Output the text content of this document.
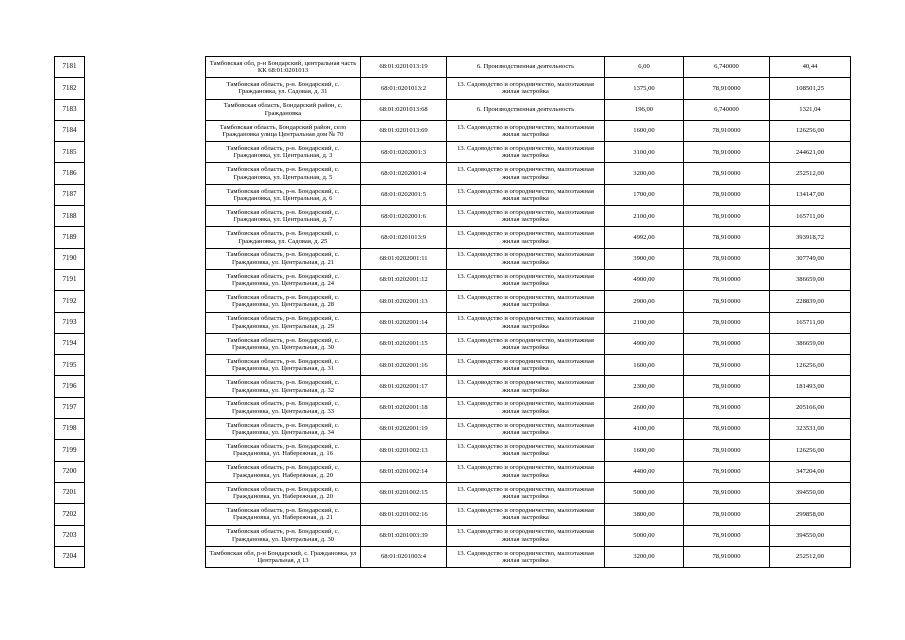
7181		Тамбовская обл, р-н Бондарский, центральная часть КК 68:01:0201013	68:01:0201013:19	6. Производственная деятельность	6,00	6,740000	40,44
7182		Тамбовская область, р-н. Бондарский, с. Граждановка, ул. Садовая, д. 31	68:01:0201013:2	13. Садоводство и огородничество, малоэтажная жилая застройка	1375,00	78,910000	108501,25
7183		Тамбовская область, Бондарский район, с. Граждановка	68:01:0201013:68	6. Производственная деятельность	196,00	6,740000	1321,04
7184		Тамбовская область, Бондарский район, село Граждановка улица Центральная дом № 70	68:01:0201013:69	13. Садоводство и огородничество, малоэтажная жилая застройка	1600,00	78,910000	126256,00
7185		Тамбовская область, р-н. Бондарский, с. Граждановка, ул. Центральная, д. 3	68:01:0202001:3	13. Садоводство и огородничество, малоэтажная жилая застройка	3100,00	78,910000	244621,00
7186		Тамбовская область, р-н. Бондарский, с. Граждановка, ул. Центральная, д. 5	68:01:0202001:4	13. Садоводство и огородничество, малоэтажная жилая застройка	3200,00	78,910000	252512,00
7187		Тамбовская область, р-н. Бондарский, с. Граждановка, ул. Центральная, д. 6	68:01:0202001:5	13. Садоводство и огородничество, малоэтажная жилая застройка	1700,00	78,910000	134147,00
7188		Тамбовская область, р-н. Бондарский, с. Граждановка, ул. Центральная, д. 7	68:01:0202001:6	13. Садоводство и огородничество, малоэтажная жилая застройка	2100,00	78,910000	165711,00
7189		Тамбовская область, р-н. Бондарский, с. Граждановка, ул. Садовая, д. 25	68:01:0201013:9	13. Садоводство и огородничество, малоэтажная жилая застройка	4992,00	78,910000	393918,72
7190		Тамбовская область, р-н. Бондарский, с. Граждановка, ул. Центральная, д. 21	68:01:0202001:11	13. Садоводство и огородничество, малоэтажная жилая застройка	3900,00	78,910000	307749,00
7191		Тамбовская область, р-н. Бондарский, с. Граждановка, ул. Центральная, д. 24	68:01:0202001:12	13. Садоводство и огородничество, малоэтажная жилая застройка	4900,00	78,910000	386659,00
7192		Тамбовская область, р-н. Бондарский, с. Граждановка, ул. Центральная, д. 28	68:01:0202001:13	13. Садоводство и огородничество, малоэтажная жилая застройка	2900,00	78,910000	228839,00
7193		Тамбовская область, р-н. Бондарский, с. Граждановка, ул. Центральная, д. 29	68:01:0202001:14	13. Садоводство и огородничество, малоэтажная жилая застройка	2100,00	78,910000	165711,00
7194		Тамбовская область, р-н. Бондарский, с. Граждановка, ул. Центральная, д. 30	68:01:0202001:15	13. Садоводство и огородничество, малоэтажная жилая застройка	4900,00	78,910000	386659,00
7195		Тамбовская область, р-н. Бондарский, с. Граждановка, ул. Центральная, д. 31	68:01:0202001:16	13. Садоводство и огородничество, малоэтажная жилая застройка	1600,00	78,910000	126256,00
7196		Тамбовская область, р-н. Бондарский, с. Граждановка, ул. Центральная, д. 32	68:01:0202001:17	13. Садоводство и огородничество, малоэтажная жилая застройка	2300,00	78,910000	181493,00
7197		Тамбовская область, р-н. Бондарский, с. Граждановка, ул. Центральная, д. 33	68:01:0202001:18	13. Садоводство и огородничество, малоэтажная жилая застройка	2600,00	78,910000	205166,00
7198		Тамбовская область, р-н. Бондарский, с. Граждановка, ул. Центральная, д. 34	68:01:0202001:19	13. Садоводство и огородничество, малоэтажная жилая застройка	4100,00	78,910000	323531,00
7199		Тамбовская область, р-н. Бондарский, с. Граждановка, ул. Набережная, д. 16	68:01:0201002:13	13. Садоводство и огородничество, малоэтажная жилая застройка	1600,00	78,910000	126256,00
7200		Тамбовская область, р-н. Бондарский, с. Граждановка, ул. Набережная, д. 20	68:01:0201002:14	13. Садоводство и огородничество, малоэтажная жилая застройка	4400,00	78,910000	347204,00
7201		Тамбовская область, р-н. Бондарский, с. Граждановка, ул. Набережная, д. 20	68:01:0201002:15	13. Садоводство и огородничество, малоэтажная жилая застройка	5000,00	78,910000	394550,00
7202		Тамбовская область, р-н. Бондарский, с. Граждановка, ул. Набережная, д. 21	68:01:0201002:16	13. Садоводство и огородничество, малоэтажная жилая застройка	3800,00	78,910000	299858,00
7203		Тамбовская область, р-н. Бондарский, с. Граждановка, ул. Центральная, д. 30	68:01:0201003:39	13. Садоводство и огородничество, малоэтажная жилая застройка	5000,00	78,910000	394550,00
7204		Тамбовская обл, р-н Бондарский, с. Граждановка, ул Центральная, д 13	68:01:0201003:4	13. Садоводство и огородничество, малоэтажная жилая застройка	3200,00	78,910000	252512,00
